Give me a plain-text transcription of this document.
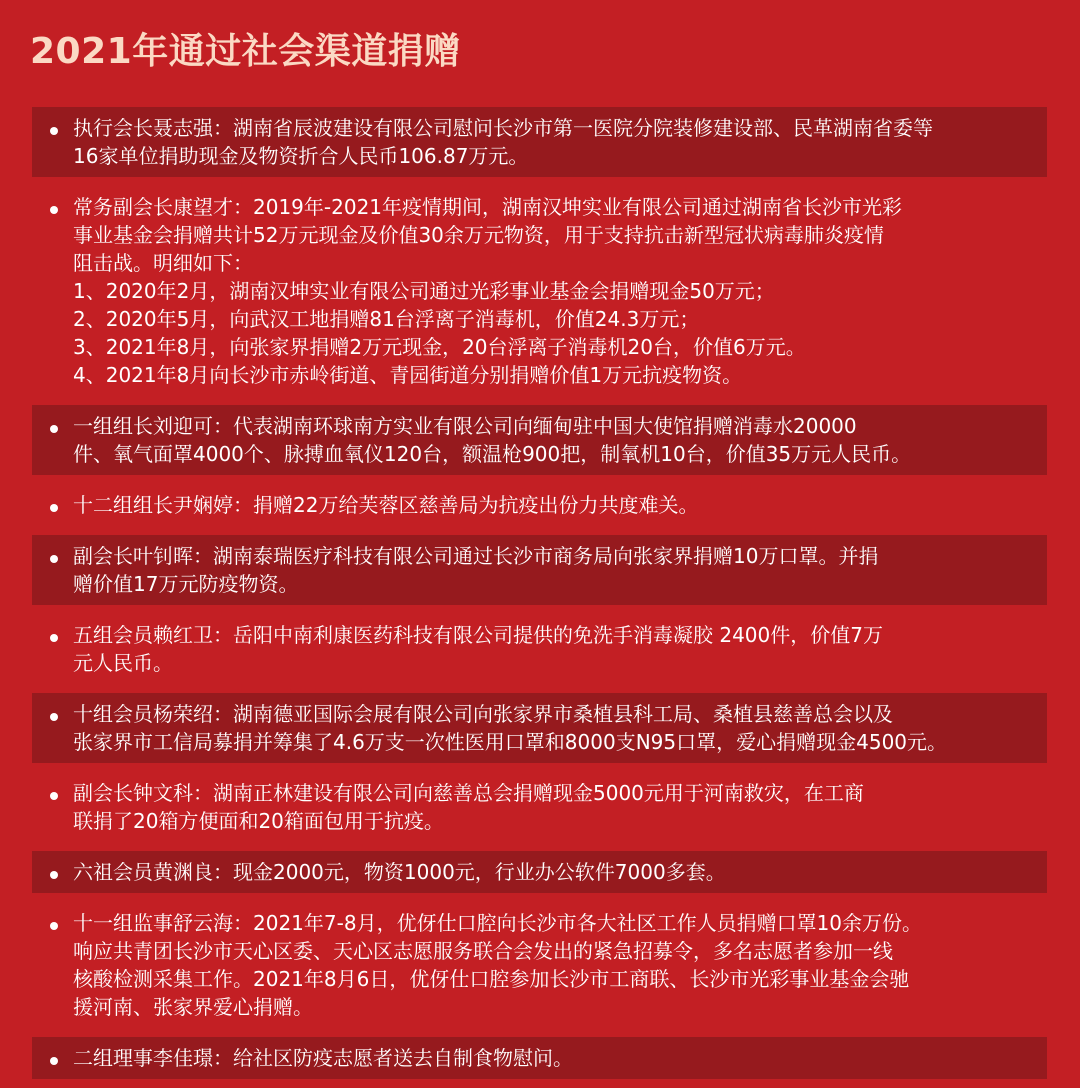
2021年通过社会渠道捐赠
执行会长聂志强：湖南省辰波建设有限公司慰问长沙市第一医院分院装修建设部、民革湖南省委等
16家单位捐助现金及物资折合人民币106.87万元。
常务副会长康望才：2019年-2021年疫情期间，湖南汉坤实业有限公司通过湖南省长沙市光彩
事业基金会捐赠共计52万元现金及价值30余万元物资，用于支持抗击新型冠状病毒肺炎疫情
阻击战。明细如下：
1、2020年2月，湖南汉坤实业有限公司通过光彩事业基金会捐赠现金50万元；
2、2020年5月，向武汉工地捐赠81台浮离子消毒机，价值24.3万元；
3、2021年8月，向张家界捐赠2万元现金，20台浮离子消毒机20台，价值6万元。
4、2021年8月向长沙市赤岭街道、青园街道分别捐赠价值1万元抗疫物资。
一组组长刘迎可：代表湖南环球南方实业有限公司向缅甸驻中国大使馆捐赠消毒水20000
件、氧气面罩4000个、脉搏血氧仪120台，额温枪900把，制氧机10台，价值35万元人民币。
十二组组长尹娴婷：捐赠22万给芙蓉区慈善局为抗疫出份力共度难关。
副会长叶钊晖：湖南泰瑞医疗科技有限公司通过长沙市商务局向张家界捐赠10万口罩。并捐
赠价值17万元防疫物资。
五组会员赖红卫：岳阳中南利康医药科技有限公司提供的免洗手消毒凝胶 2400件，价值7万
元人民币。
十组会员杨荣绍：湖南德亚国际会展有限公司向张家界市桑植县科工局、桑植县慈善总会以及
张家界市工信局募捐并筹集了4.6万支一次性医用口罩和8000支N95口罩，爱心捐赠现金4500元。
副会长钟文科：湖南正林建设有限公司向慈善总会捐赠现金5000元用于河南救灾，在工商
联捐了20箱方便面和20箱面包用于抗疫。
六祖会员黄渊良：现金2000元，物资1000元，行业办公软件7000多套。
十一组监事舒云海：2021年7-8月，优伢仕口腔向长沙市各大社区工作人员捐赠口罩10余万份。
响应共青团长沙市天心区委、天心区志愿服务联合会发出的紧急招募令，多名志愿者参加一线
核酸检测采集工作。2021年8月6日，优伢仕口腔参加长沙市工商联、长沙市光彩事业基金会驰
援河南、张家界爱心捐赠。
二组理事李佳璟：给社区防疫志愿者送去自制食物慰问。
